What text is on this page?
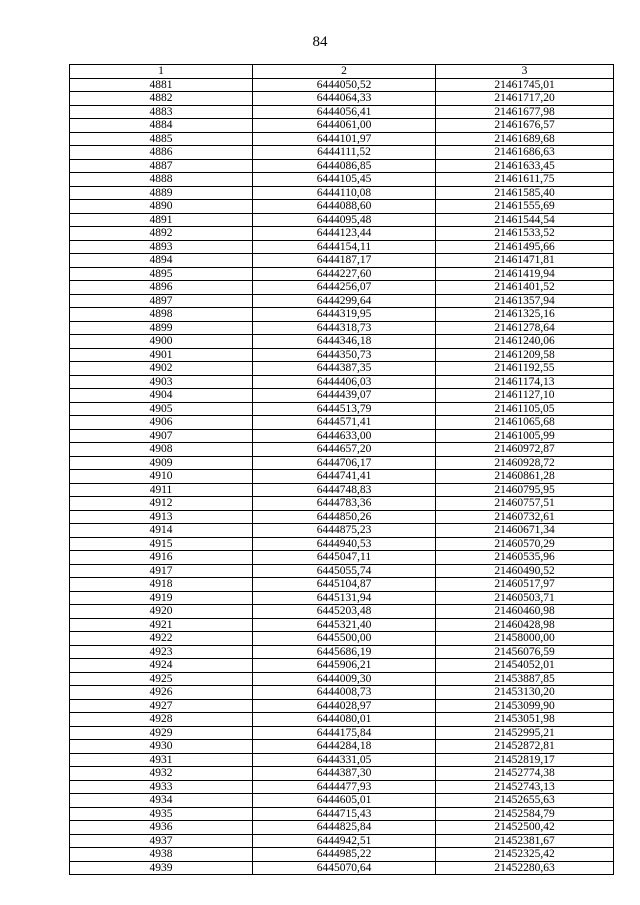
84
1	2	3
4881	6444050,52	21461745,01
4882	6444064,33	21461717,20
4883	6444056,41	21461677,98
4884	6444061,00	21461676,57
4885	6444101,97	21461689,68
4886	6444111,52	21461686,63
4887	6444086,85	21461633,45
4888	6444105,45	21461611,75
4889	6444110,08	21461585,40
4890	6444088,60	21461555,69
4891	6444095,48	21461544,54
4892	6444123,44	21461533,52
4893	6444154,11	21461495,66
4894	6444187,17	21461471,81
4895	6444227,60	21461419,94
4896	6444256,07	21461401,52
4897	6444299,64	21461357,94
4898	6444319,95	21461325,16
4899	6444318,73	21461278,64
4900	6444346,18	21461240,06
4901	6444350,73	21461209,58
4902	6444387,35	21461192,55
4903	6444406,03	21461174,13
4904	6444439,07	21461127,10
4905	6444513,79	21461105,05
4906	6444571,41	21461065,68
4907	6444633,00	21461005,99
4908	6444657,20	21460972,87
4909	6444706,17	21460928,72
4910	6444741,41	21460861,28
4911	6444748,83	21460795,95
4912	6444783,36	21460757,51
4913	6444850,26	21460732,61
4914	6444875,23	21460671,34
4915	6444940,53	21460570,29
4916	6445047,11	21460535,96
4917	6445055,74	21460490,52
4918	6445104,87	21460517,97
4919	6445131,94	21460503,71
4920	6445203,48	21460460,98
4921	6445321,40	21460428,98
4922	6445500,00	21458000,00
4923	6445686,19	21456076,59
4924	6445906,21	21454052,01
4925	6444009,30	21453887,85
4926	6444008,73	21453130,20
4927	6444028,97	21453099,90
4928	6444080,01	21453051,98
4929	6444175,84	21452995,21
4930	6444284,18	21452872,81
4931	6444331,05	21452819,17
4932	6444387,30	21452774,38
4933	6444477,93	21452743,13
4934	6444605,01	21452655,63
4935	6444715,43	21452584,79
4936	6444825,84	21452500,42
4937	6444942,51	21452381,67
4938	6444985,22	21452325,42
4939	6445070,64	21452280,63
